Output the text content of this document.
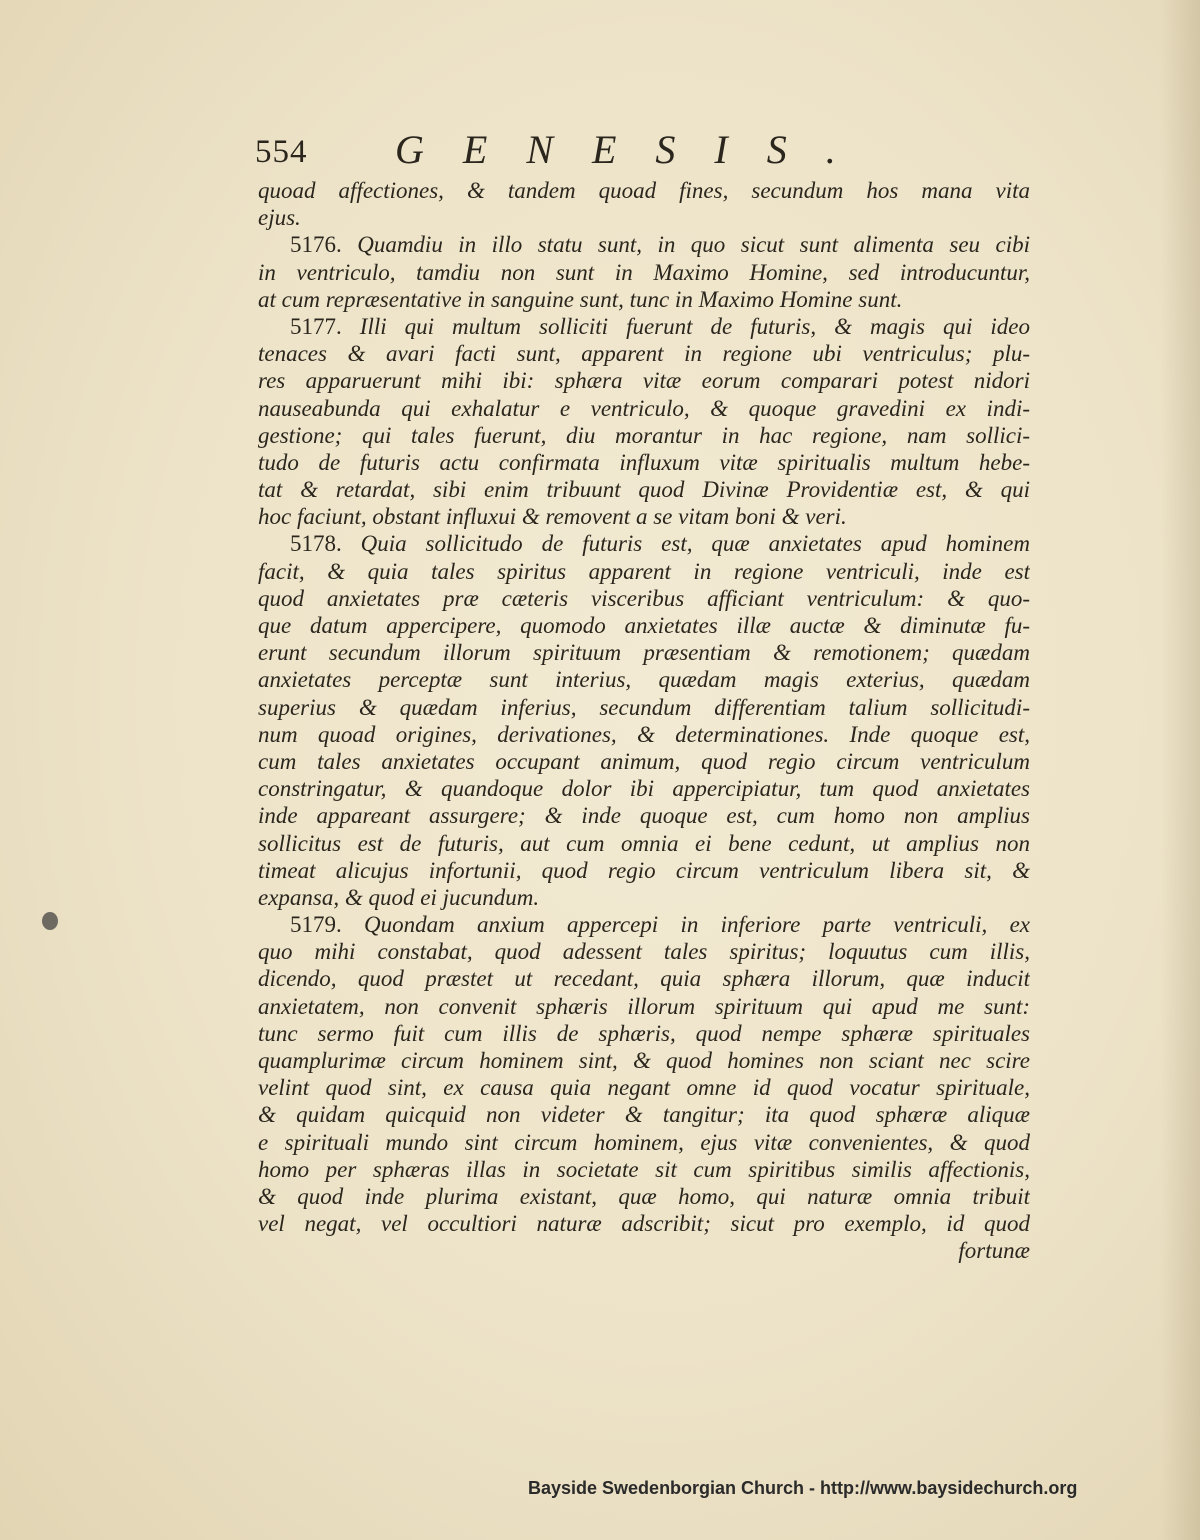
554 GENESIS.
quoad affectiones, & tandem quoad fines, secundum hos mana vita
ejus.
5176. Quamdiu in illo statu sunt, in quo sicut sunt alimenta seu cibi
in ventriculo, tamdiu non sunt in Maximo Homine, sed introducuntur,
at cum repræsentative in sanguine sunt, tunc in Maximo Homine sunt.
5177. Illi qui multum solliciti fuerunt de futuris, & magis qui ideo
tenaces & avari facti sunt, apparent in regione ubi ventriculus; plu-
res apparuerunt mihi ibi: sphæra vitæ eorum comparari potest nidori
nauseabunda qui exhalatur e ventriculo, & quoque gravedini ex indi-
gestione; qui tales fuerunt, diu morantur in hac regione, nam sollici-
tudo de futuris actu confirmata influxum vitæ spiritualis multum hebe-
tat & retardat, sibi enim tribuunt quod Divinæ Providentiæ est, & qui
hoc faciunt, obstant influxui & removent a se vitam boni & veri.
5178. Quia sollicitudo de futuris est, quæ anxietates apud hominem
facit, & quia tales spiritus apparent in regione ventriculi, inde est
quod anxietates præ cæteris visceribus afficiant ventriculum: & quo-
que datum appercipere, quomodo anxietates illæ auctæ & diminutæ fu-
erunt secundum illorum spirituum præsentiam & remotionem; quædam
anxietates perceptæ sunt interius, quædam magis exterius, quædam
superius & quædam inferius, secundum differentiam talium sollicitudi-
num quoad origines, derivationes, & determinationes. Inde quoque est,
cum tales anxietates occupant animum, quod regio circum ventriculum
constringatur, & quandoque dolor ibi appercipiatur, tum quod anxietates
inde appareant assurgere; & inde quoque est, cum homo non amplius
sollicitus est de futuris, aut cum omnia ei bene cedunt, ut amplius non
timeat alicujus infortunii, quod regio circum ventriculum libera sit, &
expansa, & quod ei jucundum.
5179. Quondam anxium appercepi in inferiore parte ventriculi, ex
quo mihi constabat, quod adessent tales spiritus; loquutus cum illis,
dicendo, quod præstet ut recedant, quia sphæra illorum, quæ inducit
anxietatem, non convenit sphæris illorum spirituum qui apud me sunt:
tunc sermo fuit cum illis de sphæris, quod nempe sphæræ spirituales
quamplurimæ circum hominem sint, & quod homines non sciant nec scire
velint quod sint, ex causa quia negant omne id quod vocatur spirituale,
& quidam quicquid non videter & tangitur; ita quod sphæræ aliquæ
e spirituali mundo sint circum hominem, ejus vitæ convenientes, & quod
homo per sphæras illas in societate sit cum spiritibus similis affectionis,
& quod inde plurima existant, quæ homo, qui naturæ omnia tribuit
vel negat, vel occultiori naturæ adscribit; sicut pro exemplo, id quod
fortunæ
Bayside Swedenborgian Church - http://www.baysidechurch.org
